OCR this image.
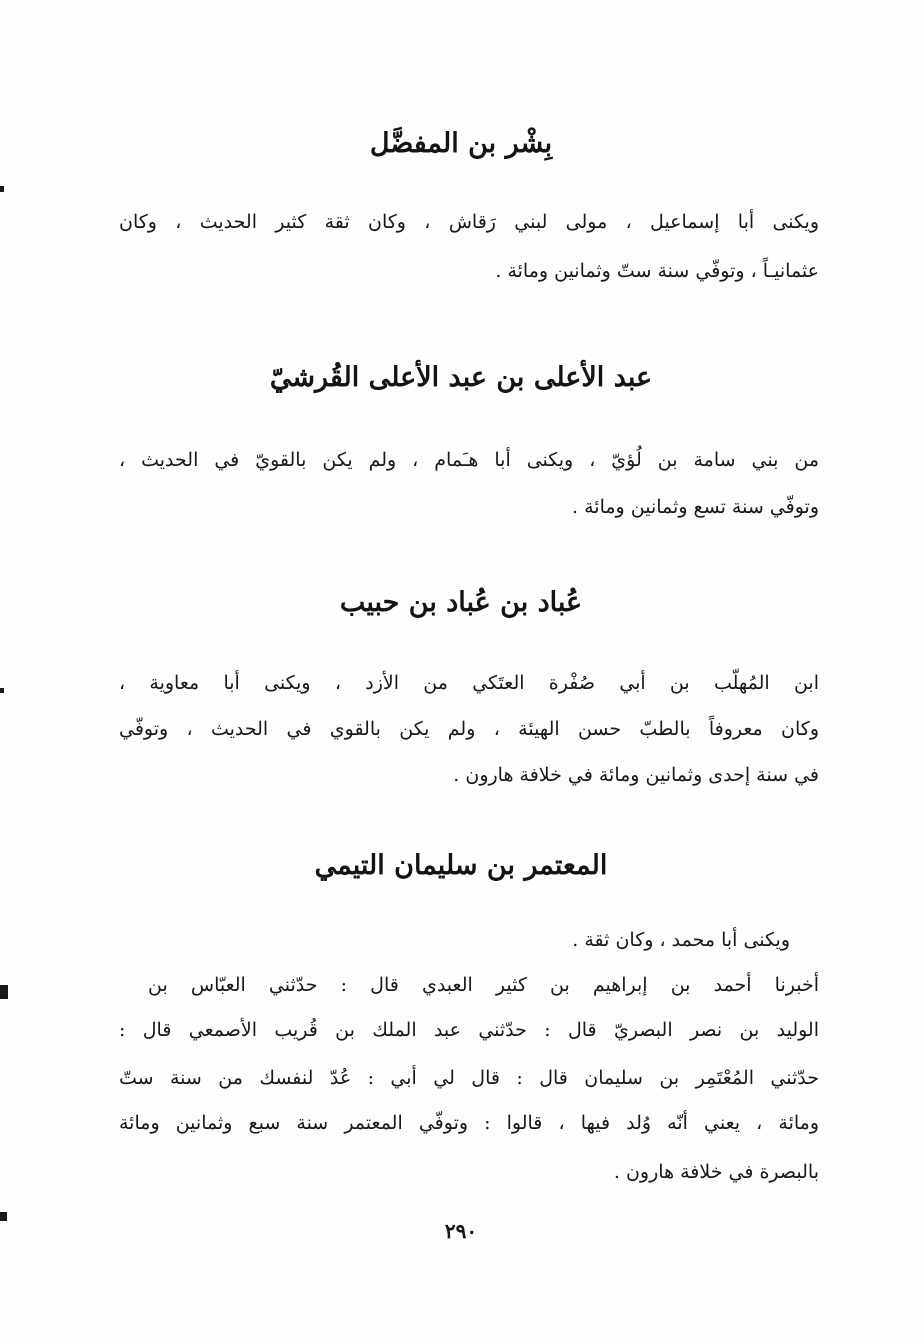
بِشْر بن المفضَّل
ويكنى أبا إسماعيل ، مولى لبني رَقاش ، وكان ثقة كثير الحديث ، وكان
عثمانيـاً ، وتوفّي سنة ستّ وثمانين ومائة .
عبد الأعلى بن عبد الأعلى القُرشيّ
من بني سامة بن لُؤيّ ، ويكنى أبا هـَمام ، ولم يكن بالقويّ في الحديث ،
وتوفّي سنة تسع وثمانين ومائة .
عُباد بن عُباد بن حبيب
ابن المُهلّب بن أبي صُفْرة العتَكي من الأزد ، ويكنى أبا معاوية ،
وكان معروفاً بالطبّ حسن الهيئة ، ولم يكن بالقوي في الحديث ، وتوفّي
في سنة إحدى وثمانين ومائة في خلافة هارون .
المعتمر بن سليمان التيمي
ويكنى أبا محمد ، وكان ثقة .
أخبرنا أحمد بن إبراهيم بن كثير العبدي قال : حدّثني العبّاس بن
الوليد بن نصر البصريّ قال : حدّثني عبد الملك بن قُريب الأصمعي قال :
حدّثني المُعْتَمِر بن سليمان قال : قال لي أبي : عُدّ لنفسك من سنة ستّ
ومائة ، يعني أنّه وُلد فيها ، قالوا : وتوفّي المعتمر سنة سبع وثمانين ومائة
بالبصرة في خلافة هارون .
٢٩٠
